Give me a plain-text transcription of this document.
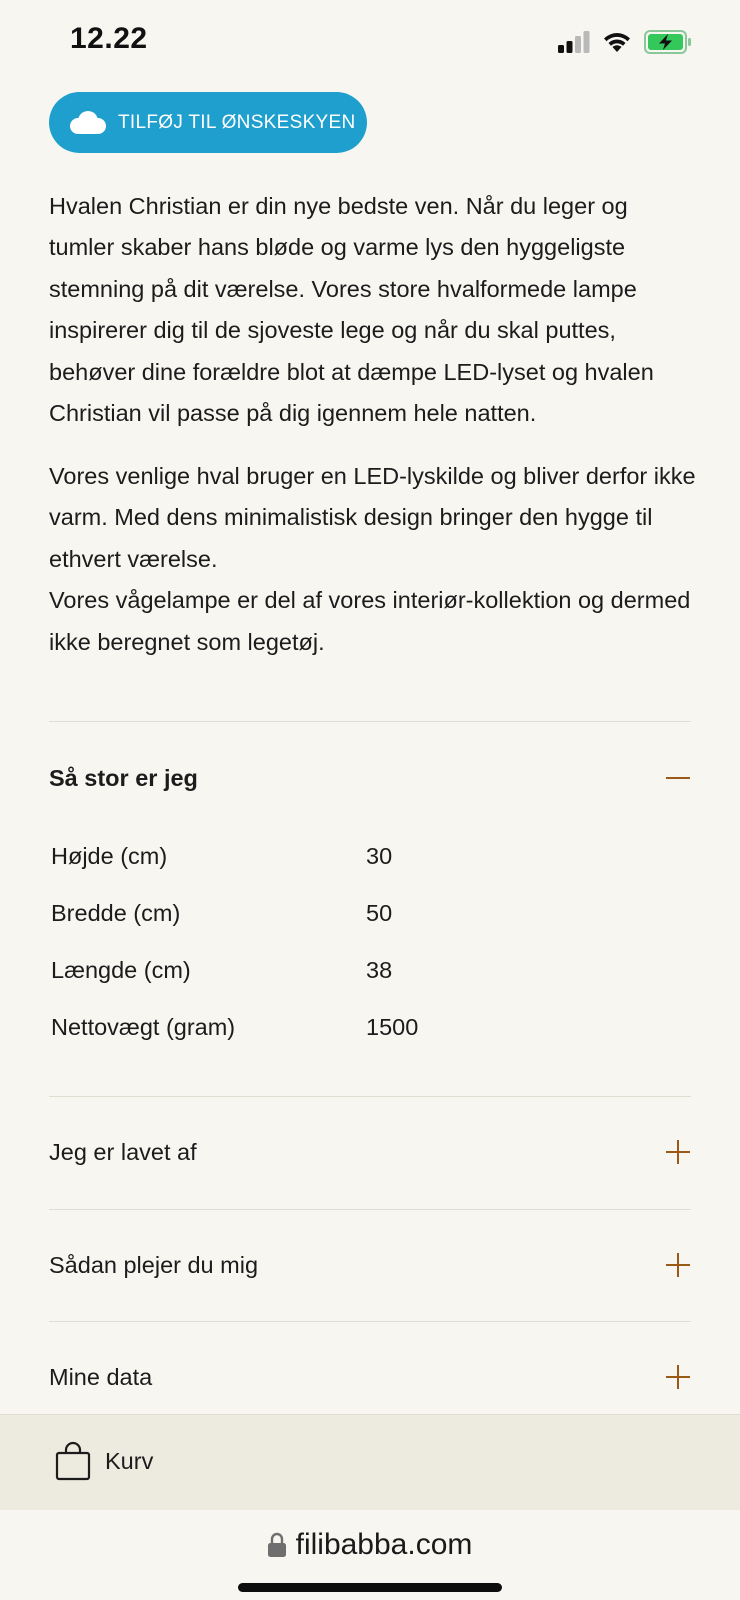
12.22
TILFØJ TIL ØNSKESKYEN

Hvalen Christian er din nye bedste ven. Når du leger og tumler skaber hans bløde og varme lys den hyggeligste stemning på dit værelse. Vores store hvalformede lampe inspirerer dig til de sjoveste lege og når du skal puttes, behøver dine forældre blot at dæmpe LED-lyset og hvalen Christian vil passe på dig igennem hele natten.

Vores venlige hval bruger en LED-lyskilde og bliver derfor ikke varm. Med dens minimalistisk design bringer den hygge til ethvert værelse.

Vores vågelampe er del af vores interiør-kollektion og dermed ikke beregnet som legetøj.

Så stor er jeg
Højde (cm)	30
Bredde (cm)	50
Længde (cm)	38
Nettovægt (gram)	1500
Jeg er lavet af
Sådan plejer du mig
Mine data
Kurv
filibabba.com
